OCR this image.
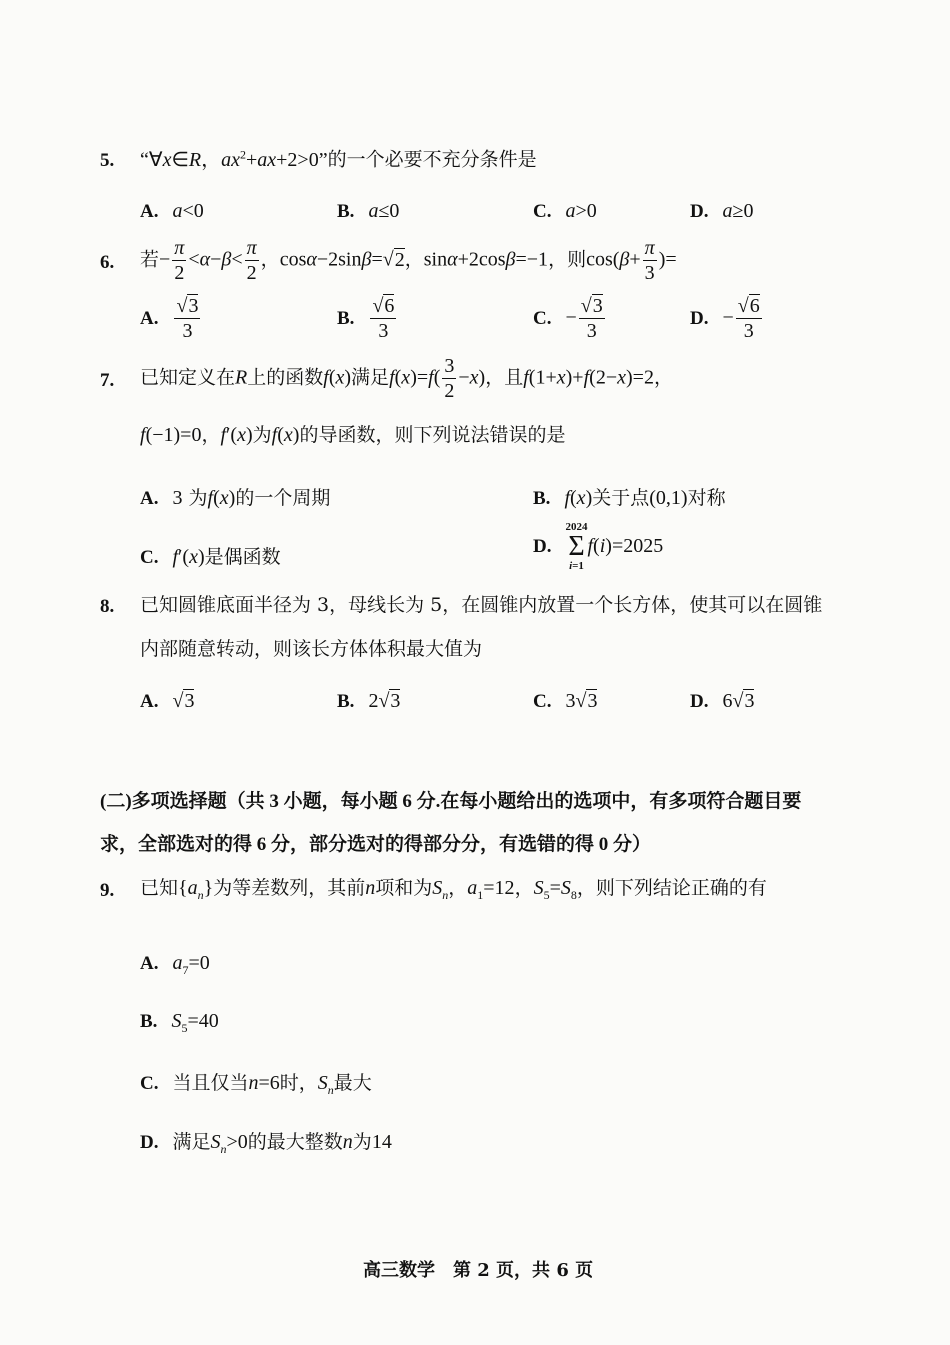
5. “∀x∈R，$ax^2+ax+2>0$”的一个必要不充分条件是
A. a<0	B. a≤0	C. a>0	D. a≥0
6. 若− $\frac{\pi}{2} <\alpha-\beta< \frac{\pi}{2}$ ，cosα−2sinβ=√2，sinα+2cosβ=−1，则$\cos(\beta+ \frac{\pi}{3}$ )=
A. $\frac{√3}{3}$	B. $\frac{√6}{3}$	C. − $\frac{√3}{3}$	D. − $\frac{√6}{3}$
7. 已知定义在R上的函数f(x)满足$f(x)=f( \frac{3}{2} -x)$，且f(1+x)+f(2−x)=2，
f(−1)=0，f′(x)为f(x)的导函数，则下列说法错误的是
A. 3 为f(x)的一个周期	B. f(x)关于点(0,1)对称
C. f′(x)是偶函数	D.
2024
Σ
i=1
f(i)=2025
8. 已知圆锥底面半径为 3，母线长为 5，在圆锥内放置一个长方体，使其可以在圆锥
内部随意转动，则该长方体体积最大值为
A. √3	B. 2√3	C. 3√3	D. 6√3
(二)多项选择题（共 3 小题，每小题 6 分.在每小题给出的选项中，有多项符合题目要
求，全部选对的得 6 分，部分选对的得部分分，有选错的得 0 分）
9. 已知$\{a_n\}$为等差数列，其前n项和为$S_n$，$a_1=12$，$S_5=S_8$，则下列结论正确的有
A. $a_7=0$
B. $S_5=40$
C. 当且仅当n=6时，$S_n$最大
D. 满足$S_n>0$的最大整数n为14
高三数学　第 2 页，共 6 页
